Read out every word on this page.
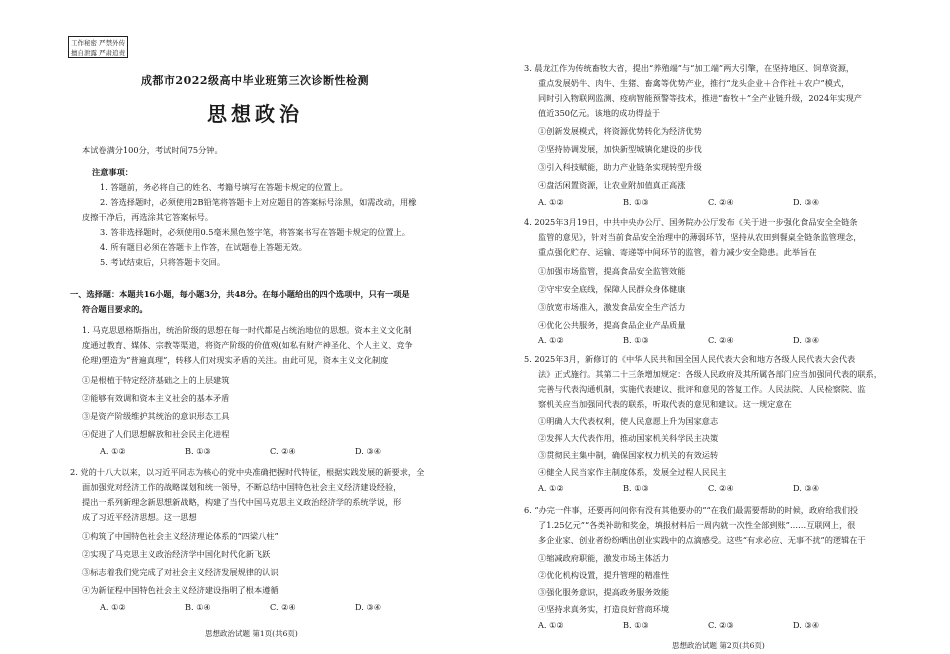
工作秘密 严禁外传
擅自泄露 严肃追责
成都市2022级高中毕业班第三次诊断性检测
思想政治
本试卷满分100分，考试时间75分钟。
注意事项：
1. 答题前，务必将自己的姓名、考籍号填写在答题卡规定的位置上。
2. 答选择题时，必须使用2B铅笔将答题卡上对应题目的答案标号涂黑，如需改动，用橡
皮擦干净后，再选涂其它答案标号。
3. 答非选择题时，必须使用0.5毫米黑色签字笔，将答案书写在答题卡规定的位置上。
4. 所有题目必须在答题卡上作答，在试题卷上答题无效。
5. 考试结束后，只将答题卡交回。
一、选择题：本题共16小题，每小题3分，共48分。在每小题给出的四个选项中，只有一项是
符合题目要求的。
1. 马克思恩格斯指出，统治阶级的思想在每一时代都是占统治地位的思想。资本主义文化制
度通过教育、媒体、宗教等渠道，将资产阶级的价值观(如私有财产神圣化、个人主义、竞争
伦理)塑造为“普遍真理”，转移人们对现实矛盾的关注。由此可见，资本主义文化制度
①是根植于特定经济基础之上的上层建筑
②能够有效调和资本主义社会的基本矛盾
③是资产阶级维护其统治的意识形态工具
④促进了人们思想解放和社会民主化进程
A. ①②	B. ①③	C. ②④	D. ③④
2. 党的十八大以来，以习近平同志为核心的党中央准确把握时代特征，根据实践发展的新要求，全
面加强党对经济工作的战略谋划和统一领导，不断总结中国特色社会主义经济建设经验，
提出一系列新理念新思想新战略，构建了当代中国马克思主义政治经济学的系统学说，形
成了习近平经济思想。这一思想
①构筑了中国特色社会主义经济理论体系的“四梁八柱”
②实现了马克思主义政治经济学中国化时代化新飞跃
③标志着我们党完成了对社会主义经济发展规律的认识
④为新征程中国特色社会主义经济建设指明了根本遵循
A. ①②	B. ①④	C. ②④	D. ③④
思想政治试题 第1页(共6页)
3. 晨龙江作为传统畜牧大省，提出“养殖端”与“加工端”两大引擎，在坚持地区、饲草资源，
重点发展奶牛、肉牛、生猪、畜禽等优势产业，推行“龙头企业＋合作社＋农户”模式，
同时引入物联网监测、疫病智能预警等技术，推进“畜牧＋”全产业链升级，2024年实现产
值近350亿元。该地的成功得益于
①创新发展模式，将资源优势转化为经济优势
②坚持协调发展，加快新型城镇化建设的步伐
③引入科技赋能，助力产业链条实现转型升级
④盘活闲置资源，让农业附加值真正高涨
A. ①②	B. ①③	C. ②④	D. ③④
4. 2025年3月19日，中共中央办公厅、国务院办公厅发布《关于进一步强化食品安全全链条
监管的意见》，针对当前食品安全治理中的薄弱环节，坚持从农田到餐桌全链条监管理念，
重点强化贮存、运输、寄递等中间环节的监管，着力减少安全隐患。此举旨在
①加强市场监管，提高食品安全监管效能
②守牢安全底线，保障人民群众身体健康
③放宽市场准入，激发食品安全生产活力
④优化公共服务，提高食品企业产品质量
A. ①②	B. ①③	C. ②④	D. ③④
5. 2025年3月，新修订的《中华人民共和国全国人民代表大会和地方各级人民代表大会代表
法》正式施行。其第二十三条增加规定：各级人民政府及其所属各部门应当加强同代表的联系，
完善与代表沟通机制，实施代表建议、批评和意见的答复工作。人民法院、人民检察院、监
察机关应当加强同代表的联系，听取代表的意见和建议。这一规定意在
①明确人大代表权利，使人民意愿上升为国家意志
②发挥人大代表作用，推动国家机关科学民主决策
③贯彻民主集中制，确保国家权力机关的有效运转
④健全人民当家作主制度体系，发展全过程人民民主
A. ①②	B. ①③	C. ②④	D. ③④
6. “办完一件事，还要再问问你有没有其他要办的”“在我们最需要帮助的时候，政府给我们投
了1.25亿元”“各类补助和奖金，填报材料后一周内就一次性全部到账”……互联网上，很
多企业家、创业者纷纷晒出创业实践中的点滴感受。这些“有求必应、无事不扰”的逻辑在于
①缩减政府职能，激发市场主体活力
②优化机构设置，提升管理的精准性
③强化服务意识，提高政务服务效能
④坚持求真务实，打造良好营商环境
A. ①②	B. ①③	C. ②③	D. ③④
思想政治试题 第2页(共6页)
